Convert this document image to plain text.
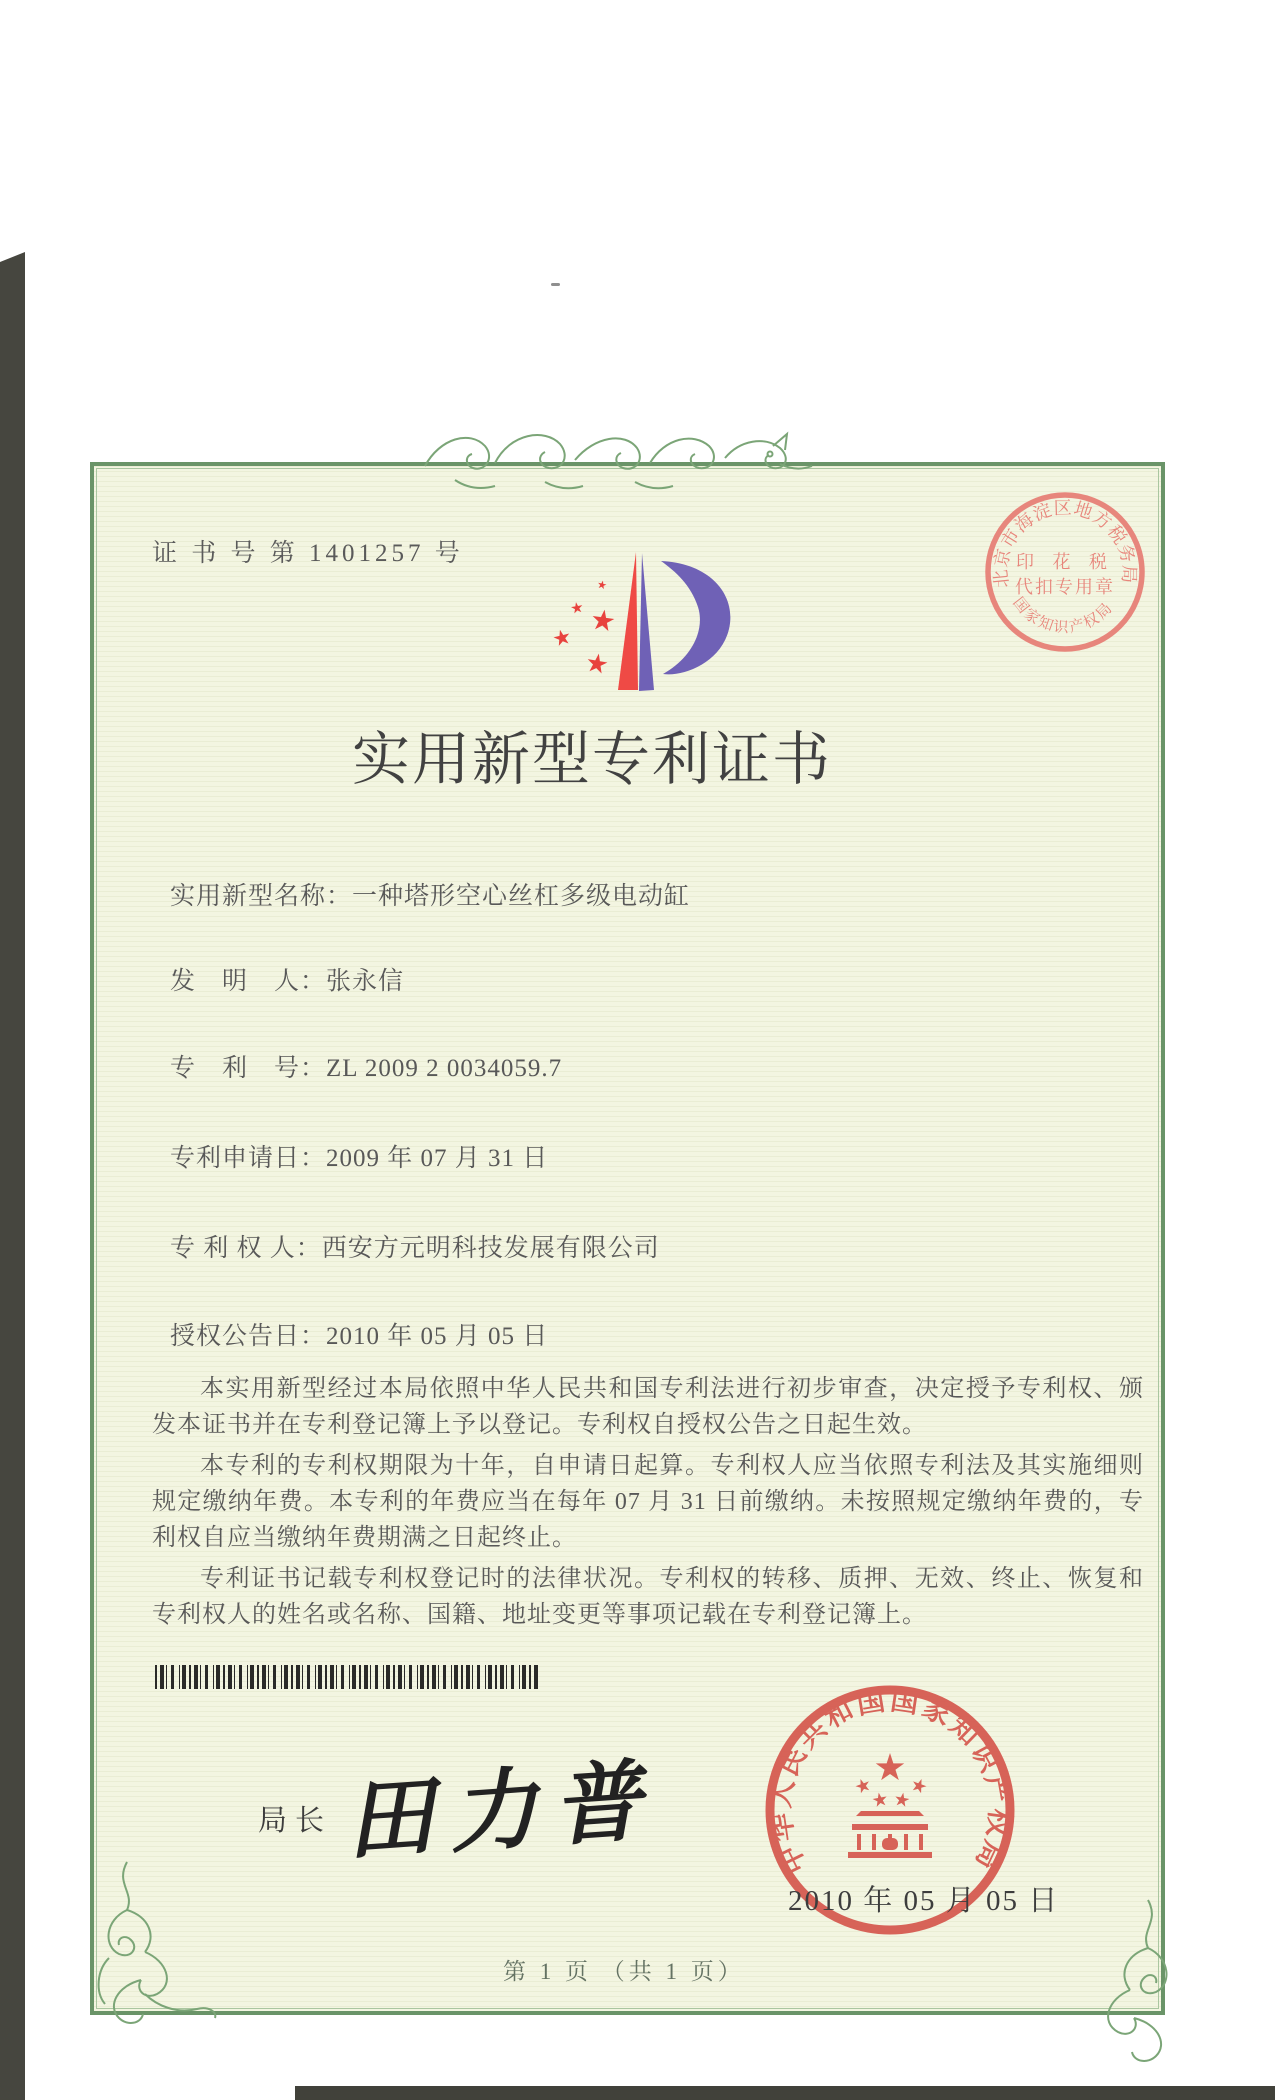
证 书 号 第 1401257 号
实用新型专利证书
实用新型名称：一种塔形空心丝杠多级电动缸
发　明　人：张永信
专　利　号：ZL 2009 2 0034059.7
专利申请日：2009 年 07 月 31 日
专 利 权 人：西安方元明科技发展有限公司
授权公告日：2010 年 05 月 05 日

本实用新型经过本局依照中华人民共和国专利法进行初步审查，决定授予专利权、颁发本证书并在专利登记簿上予以登记。专利权自授权公告之日起生效。

本专利的专利权期限为十年，自申请日起算。专利权人应当依照专利法及其实施细则规定缴纳年费。本专利的年费应当在每年 07 月 31 日前缴纳。未按照规定缴纳年费的，专利权自应当缴纳年费期满之日起终止。

专利证书记载专利权登记时的法律状况。专利权的转移、质押、无效、终止、恢复和专利权人的姓名或名称、国籍、地址变更等事项记载在专利登记簿上。

局长 田力普
北京市海淀区地方税务局
印 花 税
代扣专用章
国家知识产权局
中华人民共和国国家知识产权局
2010 年 05 月 05 日
第 1 页 （共 1 页）
